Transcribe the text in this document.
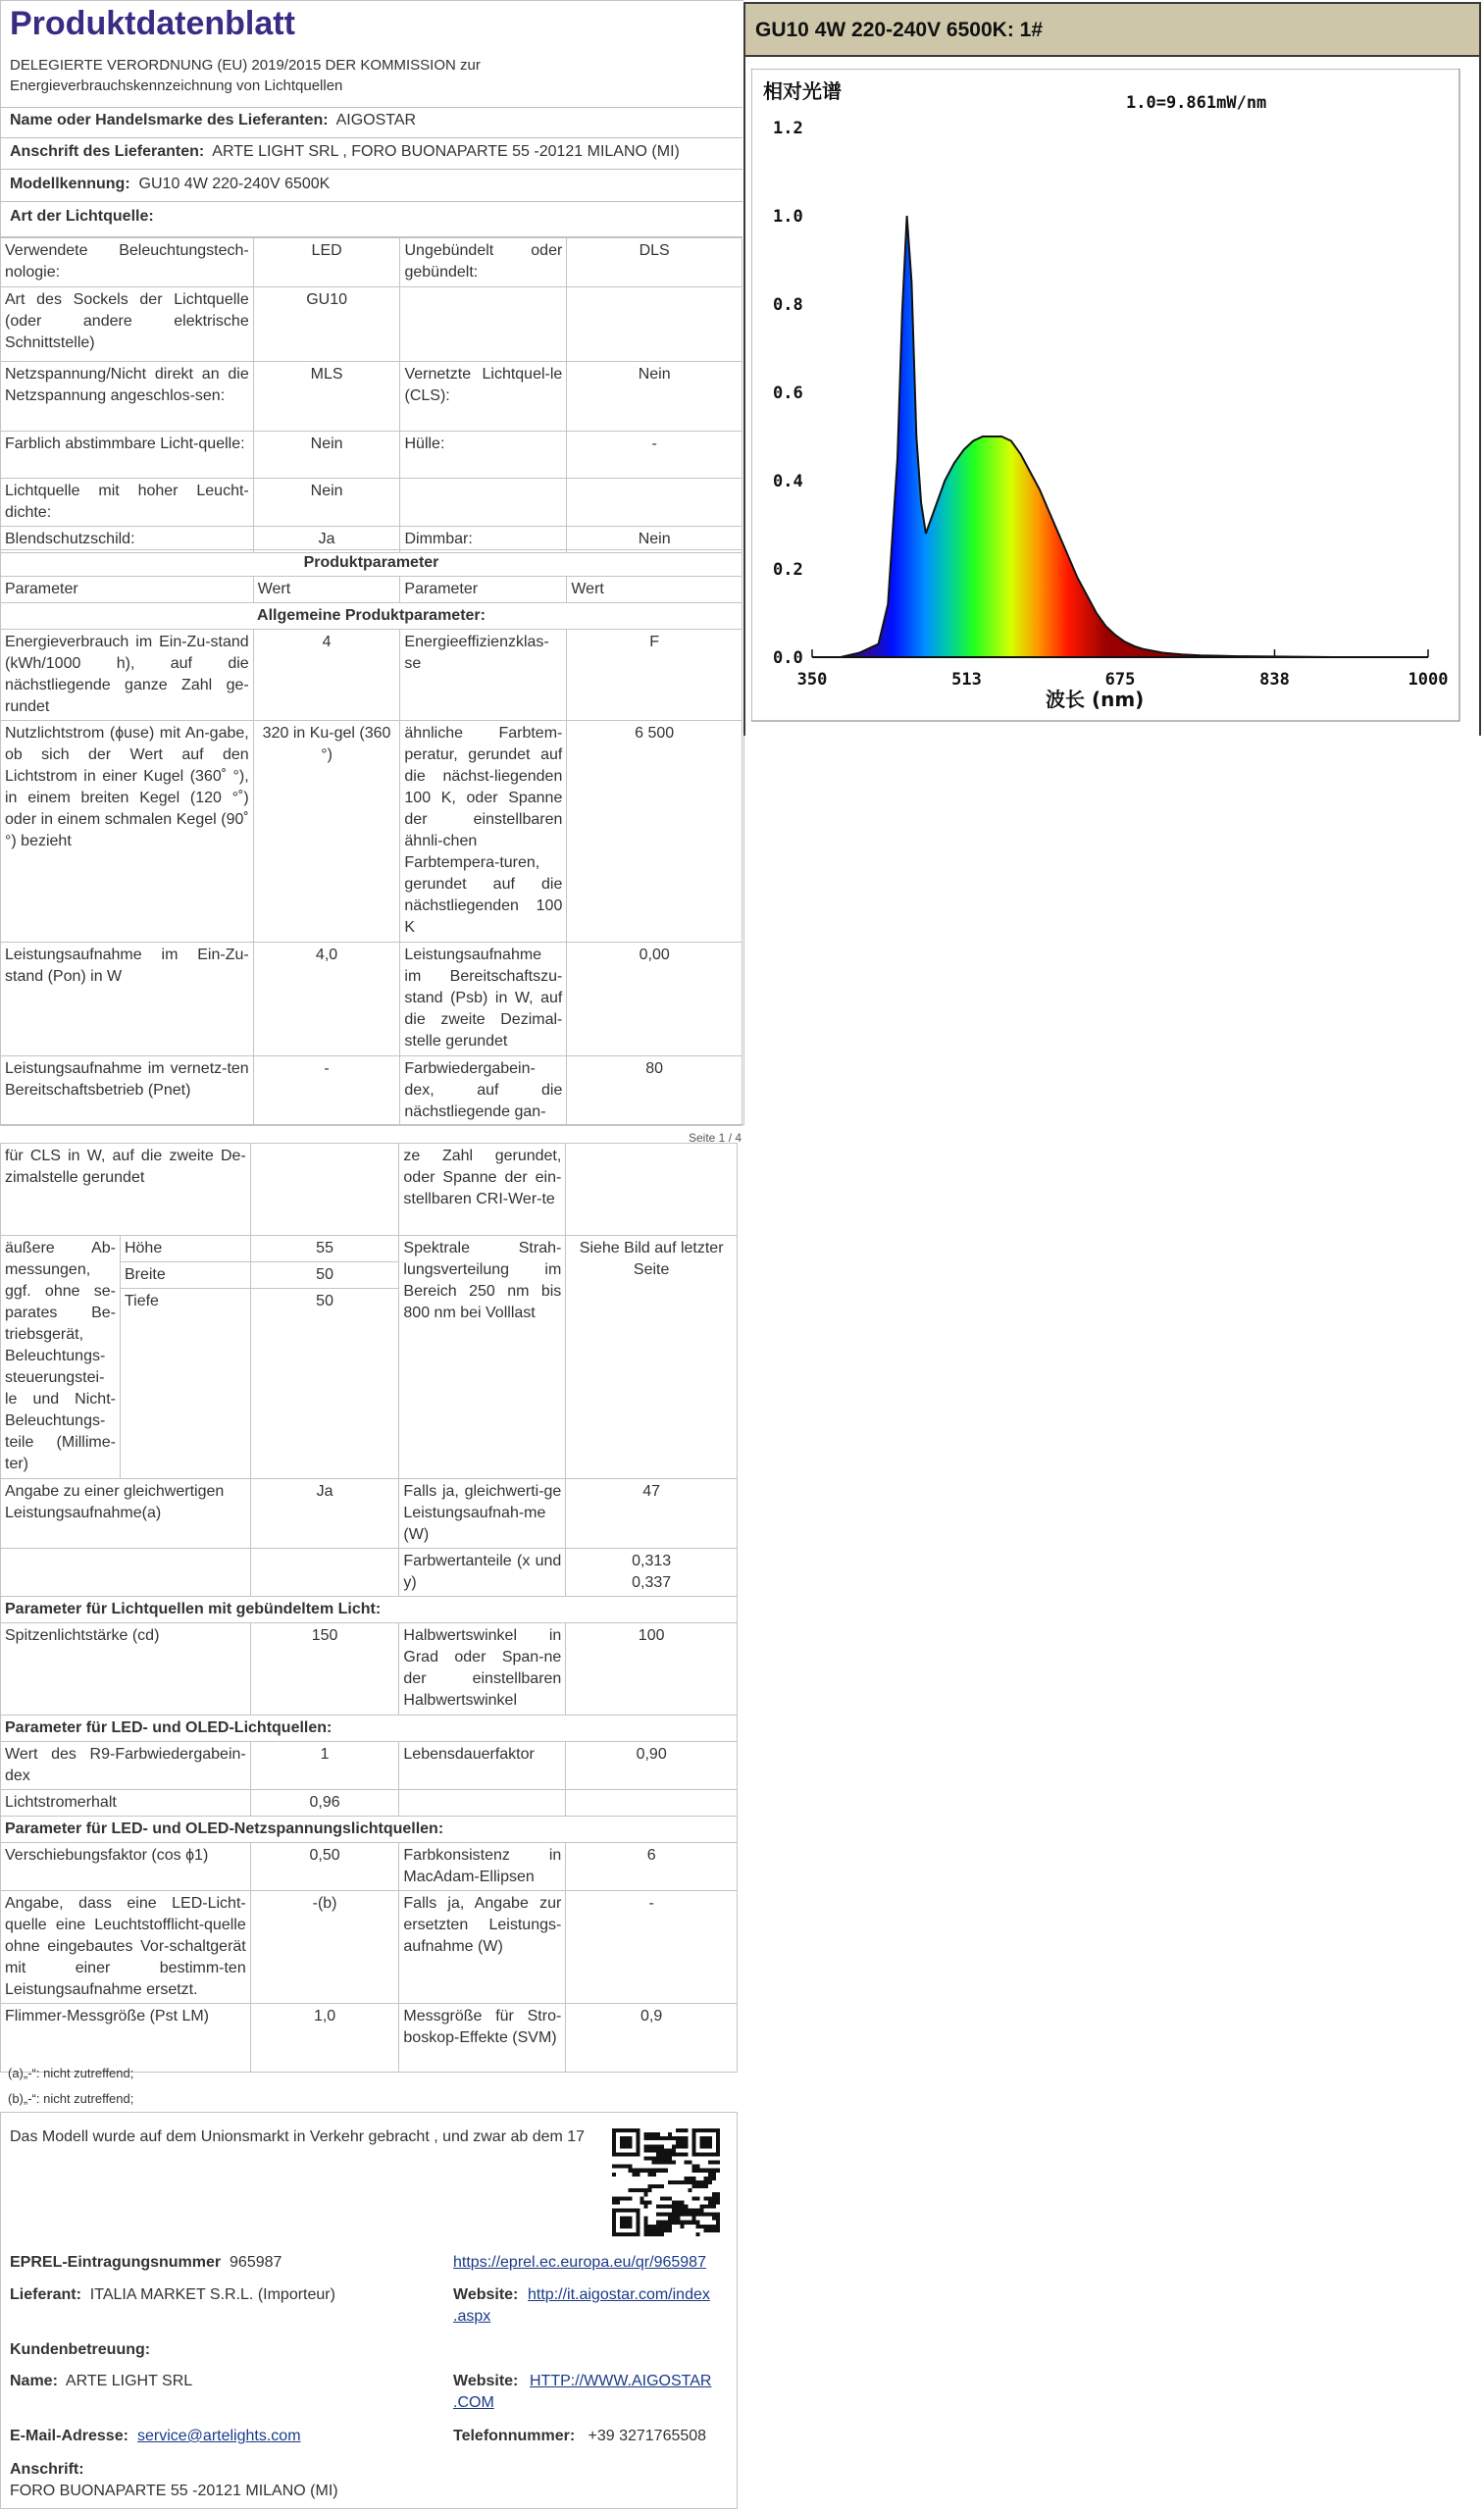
Produktdatenblatt
DELEGIERTE VERORDNUNG (EU) 2019/2015 DER KOMMISSION zur Energieverbrauchskennzeichnung von Lichtquellen
Name oder Handelsmarke des Lieferanten: AIGOSTAR
Anschrift des Lieferanten: ARTE LIGHT SRL , FORO BUONAPARTE 55 -20121 MILANO (MI)
Modellkennung: GU10 4W 220-240V 6500K
Art der Lichtquelle:
Verwendete Beleuchtungstech-nologie:	LED	Ungebündelt oder gebündelt:	DLS
Art des Sockels der Lichtquelle (oder andere elektrische Schnittstelle)	GU10		
Netzspannung/Nicht direkt an die Netzspannung angeschlos-sen:	MLS	Vernetzte Lichtquel-le (CLS):	Nein
Farblich abstimmbare Licht-quelle:	Nein	Hülle:	-
Lichtquelle mit hoher Leucht-dichte:	Nein		
Blendschutzschild:	Ja	Dimmbar:	Nein
Produktparameter			
Parameter	Wert	Parameter	Wert
Allgemeine Produktparameter:			
Energieverbrauch im Ein-Zu-stand (kWh/1000 h), auf die nächstliegende ganze Zahl ge-rundet	4	Energieeffizienzklas-se	F
Nutzlichtstrom (ϕuse) mit An-gabe, ob sich der Wert auf den Lichtstrom in einer Kugel (360˚ °), in einem breiten Kegel (120 °˚) oder in einem schmalen Kegel (90˚ °) bezieht	320 in Ku-gel (360 °)	ähnliche Farbtem-peratur, gerundet auf die nächst-liegenden 100 K, oder Spanne der einstellbaren ähnli-chen Farbtempera-turen, gerundet auf die nächstliegenden 100 K	6 500
Leistungsaufnahme im Ein-Zu-stand (Pon) in W	4,0	Leistungsaufnahme im Bereitschaftszu-stand (Psb) in W, auf die zweite Dezimal-stelle gerundet	0,00
Leistungsaufnahme im vernetz-ten Bereitschaftsbetrieb (Pnet)	-	Farbwiedergabein-dex, auf die nächstliegende gan-	80
GU10 4W 220-240V 6500K: 1#
相对光谱	1.0=9.861mW/nm
0.0
0.2
0.4
0.6
0.8
1.0
1.2
350	513	675	838	1000
波长 (nm)
Seite 1 / 4
für CLS in W, auf die zweite De-zimalstelle gerundet			ze Zahl gerundet, oder Spanne der ein-stellbaren CRI-Wer-te	
äußere Ab-messungen, ggf. ohne se-parates Be-triebsgerät, Beleuchtungs-steuerungstei-le und Nicht-Beleuchtungs-teile (Millime-ter)	Höhe	55	Spektrale Strah-lungsverteilung im Bereich 250 nm bis 800 nm bei Volllast	Siehe Bild auf letzter Seite
	Breite	50		
	Tiefe	50		
Angabe zu einer gleichwertigen Leistungsaufnahme(a)		Ja	Falls ja, gleichwerti-ge Leistungsaufnah-me (W)	47
			Farbwertanteile (x und y)	0,313
0,337
Parameter für Lichtquellen mit gebündeltem Licht:				
Spitzenlichtstärke (cd)		150	Halbwertswinkel in Grad oder Span-ne der einstellbaren Halbwertswinkel	100
Parameter für LED- und OLED-Lichtquellen:				
Wert des R9-Farbwiedergabein-dex		1	Lebensdauerfaktor	0,90
Lichtstromerhalt		0,96		
Parameter für LED- und OLED-Netzspannungslichtquellen:				
Verschiebungsfaktor (cos ϕ1)		0,50	Farbkonsistenz in MacAdam-Ellipsen	6
Angabe, dass eine LED-Licht-quelle eine Leuchtstofflicht-quelle ohne eingebautes Vor-schaltgerät mit einer bestimm-ten Leistungsaufnahme ersetzt.		-(b)	Falls ja, Angabe zur ersetzten Leistungs-aufnahme (W)	-
Flimmer-Messgröße (Pst LM)		1,0	Messgröße für Stro-boskop-Effekte (SVM)	0,9
(a)„-“: nicht zutreffend;
(b)„-“: nicht zutreffend;
Das Modell wurde auf dem Unionsmarkt in Verkehr gebracht , und zwar ab dem 17
EPREL-Eintragungsnummer 965987	https://eprel.ec.europa.eu/qr/965987
Lieferant: ITALIA MARKET S.R.L. (Importeur)	Website: http://it.aigostar.com/index
.aspx
Kundenbetreuung:
Name: ARTE LIGHT SRL	Website: HTTP://WWW.AIGOSTAR
.COM
E-Mail-Adresse: service@artelights.com	Telefonnummer: +39 3271765508
Anschrift:
FORO BUONAPARTE 55 -20121 MILANO (MI)
